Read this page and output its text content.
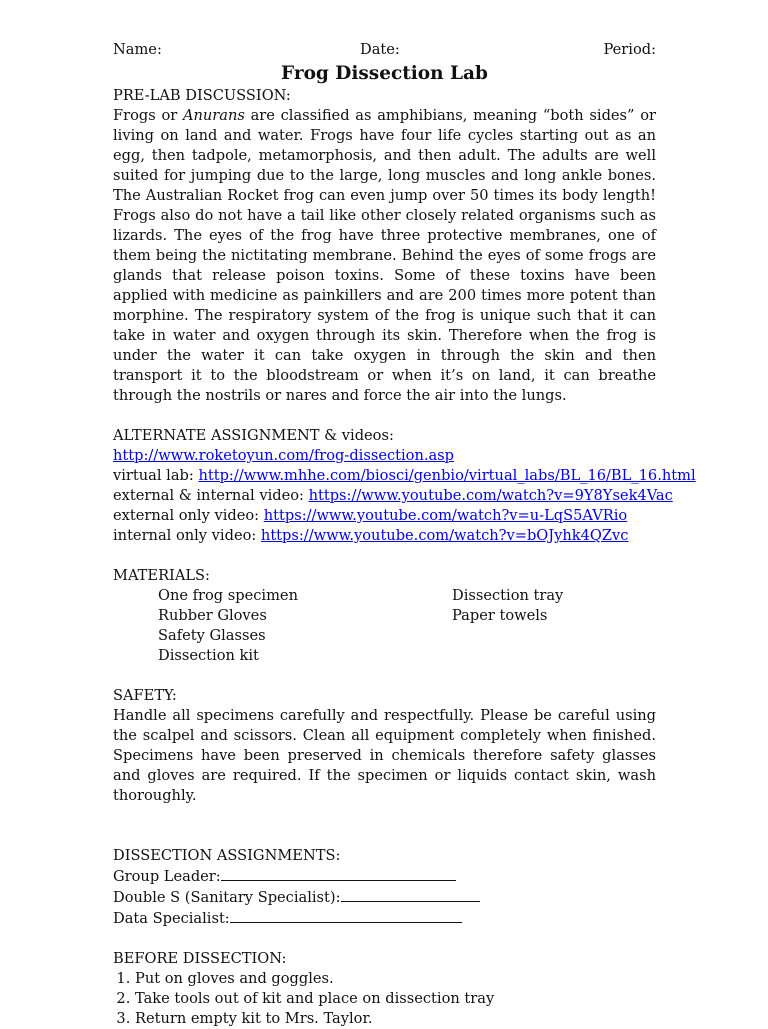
Name:	Date:	Period:
Frog Dissection Lab
PRE-LAB DISCUSSION:
Frogs or Anurans are classified as amphibians, meaning “both sides” or living on land and water. Frogs have four life cycles starting out as an egg, then tadpole, metamorphosis, and then adult. The adults are well suited for jumping due to the large, long muscles and long ankle bones. The Australian Rocket frog can even jump over 50 times its body length! Frogs also do not have a tail like other closely related organisms such as lizards. The eyes of the frog have three protective membranes, one of them being the nictitating membrane. Behind the eyes of some frogs are glands that release poison toxins. Some of these toxins have been applied with medicine as painkillers and are 200 times more potent than morphine. The respiratory system of the frog is unique such that it can take in water and oxygen through its skin. Therefore when the frog is under the water it can take oxygen in through the skin and then transport it to the bloodstream or when it’s on land, it can breathe through the nostrils or nares and force the air into the lungs.
ALTERNATE ASSIGNMENT & videos:
http://www.roketoyun.com/frog-dissection.asp
virtual lab: http://www.mhhe.com/biosci/genbio/virtual_labs/BL_16/BL_16.html
external & internal video: https://www.youtube.com/watch?v=9Y8Ysek4Vac
external only video: https://www.youtube.com/watch?v=u-LqS5AVRio
internal only video: https://www.youtube.com/watch?v=bOJyhk4QZvc
MATERIALS:
One frog specimen
Rubber Gloves
Safety Glasses
Dissection kit
Dissection tray
Paper towels
SAFETY:
Handle all specimens carefully and respectfully. Please be careful using the scalpel and scissors. Clean all equipment completely when finished. Specimens have been preserved in chemicals therefore safety glasses and gloves are required. If the specimen or liquids contact skin, wash thoroughly.
DISSECTION ASSIGNMENTS:
Group Leader:
Double S (Sanitary Specialist):
Data Specialist:
BEFORE DISSECTION:
1. Put on gloves and goggles.
2. Take tools out of kit and place on dissection tray
3. Return empty kit to Mrs. Taylor.
